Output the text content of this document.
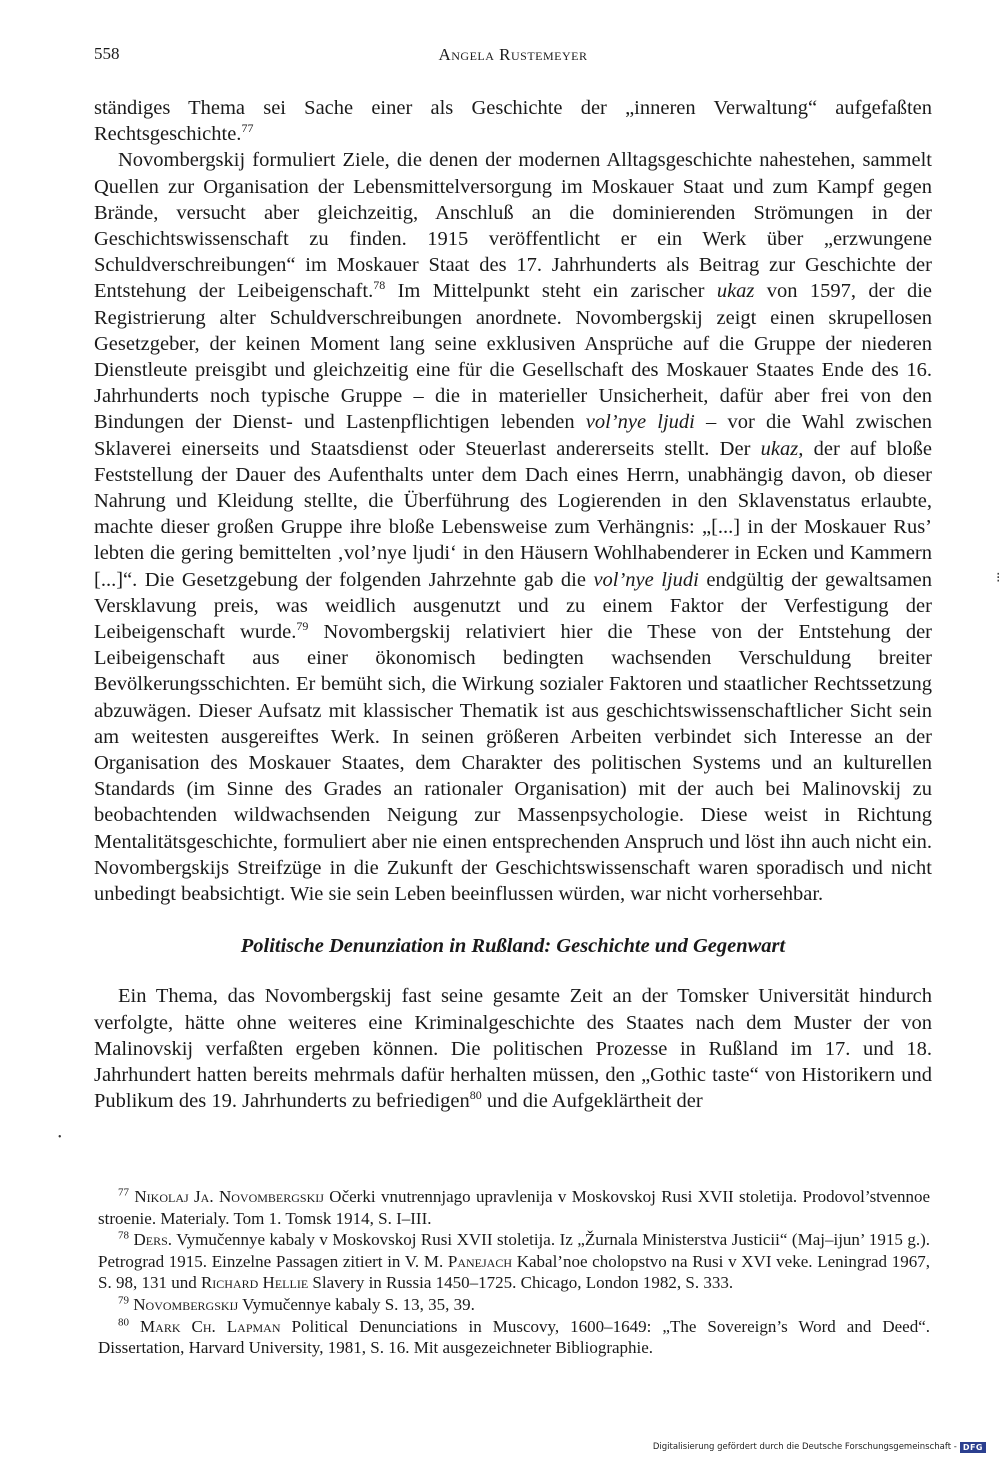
558	Angela Rustemeyer

ständiges Thema sei Sache einer als Geschichte der „inneren Verwaltung“ aufgefaßten Rechtsgeschichte.$^{77}$

Novombergskij formuliert Ziele, die denen der modernen Alltagsgeschichte nahestehen, sammelt Quellen zur Organisation der Lebensmittelversorgung im Moskauer Staat und zum Kampf gegen Brände, versucht aber gleichzeitig, Anschluß an die dominierenden Strömungen in der Geschichtswissenschaft zu finden. 1915 veröffentlicht er ein Werk über „erzwungene Schuldverschreibungen“ im Moskauer Staat des 17. Jahrhunderts als Beitrag zur Geschichte der Entstehung der Leibeigenschaft.$^{78}$ Im Mittelpunkt steht ein zarischer ukaz von 1597, der die Registrierung alter Schuldverschreibungen anordnete. Novombergskij zeigt einen skrupellosen Gesetzgeber, der keinen Moment lang seine exklusiven Ansprüche auf die Gruppe der niederen Dienstleute preisgibt und gleichzeitig eine für die Gesellschaft des Moskauer Staates Ende des 16. Jahrhunderts noch typische Gruppe – die in materieller Unsicherheit, dafür aber frei von den Bindungen der Dienst- und Lastenpflichtigen lebenden vol’nye ljudi – vor die Wahl zwischen Sklaverei einerseits und Staatsdienst oder Steuerlast andererseits stellt. Der ukaz, der auf bloße Feststellung der Dauer des Aufenthalts unter dem Dach eines Herrn, unabhängig davon, ob dieser Nahrung und Kleidung stellte, die Überführung des Logierenden in den Sklavenstatus erlaubte, machte dieser großen Gruppe ihre bloße Lebensweise zum Verhängnis: „[...] in der Moskauer Rus’ lebten die gering bemittelten ‚vol’nye ljudi‘ in den Häusern Wohlhabenderer in Ecken und Kammern [...]“. Die Gesetzgebung der folgenden Jahrzehnte gab die vol’nye ljudi endgültig der gewaltsamen Versklavung preis, was weidlich ausgenutzt und zu einem Faktor der Verfestigung der Leibeigenschaft wurde.$^{79}$ Novombergskij relativiert hier die These von der Entstehung der Leibeigenschaft aus einer ökonomisch bedingten wachsenden Verschuldung breiter Bevölkerungsschichten. Er bemüht sich, die Wirkung sozialer Faktoren und staatlicher Rechtssetzung abzuwägen. Dieser Aufsatz mit klassischer Thematik ist aus geschichtswissenschaftlicher Sicht sein am weitesten ausgereiftes Werk. In seinen größeren Arbeiten verbindet sich Interesse an der Organisation des Moskauer Staates, dem Charakter des politischen Systems und an kulturellen Standards (im Sinne des Grades an rationaler Organisation) mit der auch bei Malinovskij zu beobachtenden wildwachsenden Neigung zur Massenpsychologie. Diese weist in Richtung Mentalitätsgeschichte, formuliert aber nie einen entsprechenden Anspruch und löst ihn auch nicht ein. Novombergskijs Streifzüge in die Zukunft der Geschichtswissenschaft waren sporadisch und nicht unbedingt beabsichtigt. Wie sie sein Leben beeinflussen würden, war nicht vorhersehbar.

Politische Denunziation in Rußland: Geschichte und Gegenwart

Ein Thema, das Novombergskij fast seine gesamte Zeit an der Tomsker Universität hindurch verfolgte, hätte ohne weiteres eine Kriminalgeschichte des Staates nach dem Muster der von Malinovskij verfaßten ergeben können. Die politischen Prozesse in Rußland im 17. und 18. Jahrhundert hatten bereits mehrmals dafür herhalten müssen, den „Gothic taste“ von Historikern und Publikum des 19. Jahrhunderts zu befriedigen$^{80}$ und die Aufgeklärtheit der

$^{77}$ Nikolaj Ja. Novombergskij Očerki vnutrennjago upravlenija v Moskovskoj Rusi XVII stoletija. Prodovol’stvennoe stroenie. Materialy. Tom 1. Tomsk 1914, S. I–III.

$^{78}$ Ders. Vymučennye kabaly v Moskovskoj Rusi XVII stoletija. Iz „Žurnala Ministerstva Justicii“ (Maj–ijun’ 1915 g.). Petrograd 1915. Einzelne Passagen zitiert in V. M. Panejach Kabal’noe cholopstvo na Rusi v XVI veke. Leningrad 1967, S. 98, 131 und Richard Hellie Slavery in Russia 1450–1725. Chicago, London 1982, S. 333.

$^{79}$ Novombergskij Vymučennye kabaly S. 13, 35, 39.

$^{80}$ Mark Ch. Lapman Political Denunciations in Muscovy, 1600–1649: „The Sovereign’s Word and Deed“. Dissertation, Harvard University, 1981, S. 16. Mit ausgezeichneter Bibliographie.

•
Digitalisierung gefördert durch die Deutsche Forschungsgemeinschaft - DFG
